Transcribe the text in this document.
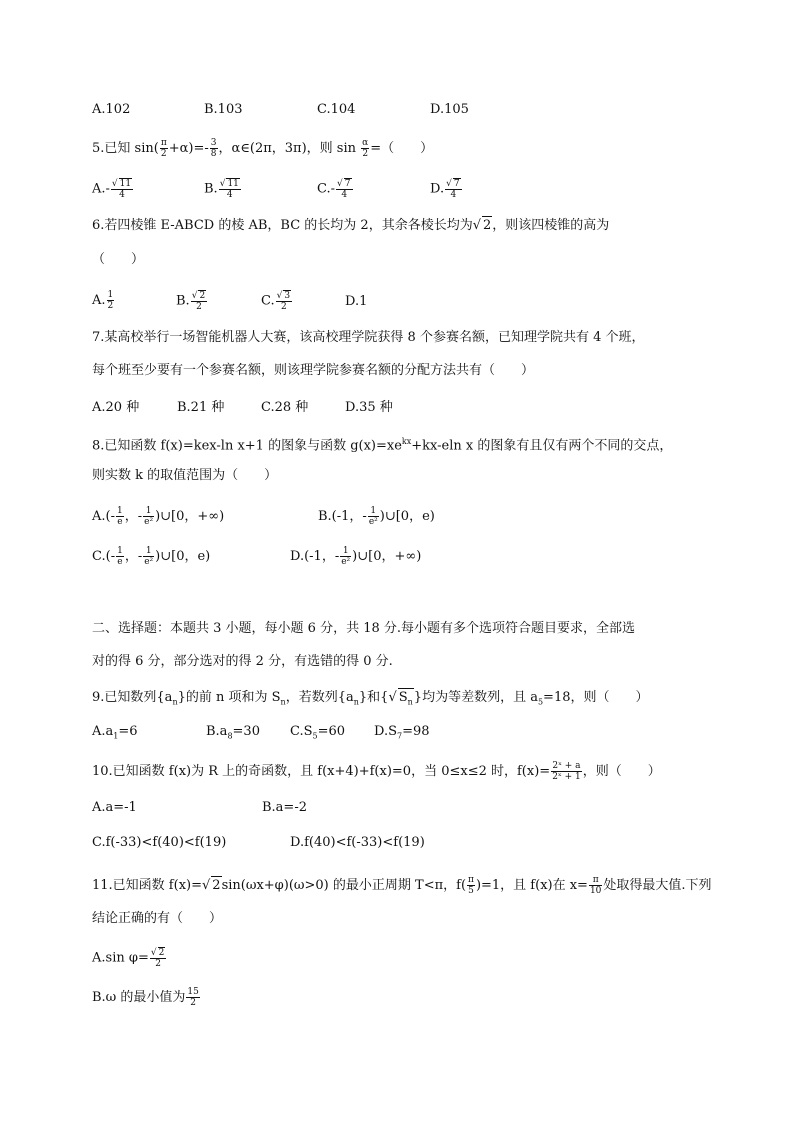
A.102	B.103	C.104	D.105
5.已知 $\sin( \frac{\pi}{2} +\alpha)=- \frac{3}{8}$ ，α∈(2π，3π)，则 $\sin \frac{\alpha}{2}$ =（　　）
$A.- \frac{√ 11}{4}$	B. $\frac{√ 11}{4}$	$C.- \frac{√ 7}{4}$	D. $\frac{√ 7}{4}$
6.若四棱锥 E-ABCD 的棱 AB，BC 的长均为 2，其余各棱长均为√ 2，则该四棱锥的高为
（　　）
A. $\frac{1}{2}$	B. $\frac{√ 2}{2}$	C. $\frac{√ 3}{2}$	D.1
7.某高校举行一场智能机器人大赛，该高校理学院获得 8 个参赛名额，已知理学院共有 4 个班，
每个班至少要有一个参赛名额，则该理学院参赛名额的分配方法共有（　　）
A.20 种	B.21 种	C.28 种	D.35 种
8.已知函数 f(x)=kex-ln x+1 的图象与函数 $g(x)=xe^{kx}+kx$-eln x 的图象有且仅有两个不同的交点，
则实数 k 的取值范围为（　　）
$A.(- \frac{1}{e}$ ，- $\frac{1}{\text{e²}}$ )∪[0，+∞)	B.(-1，- $\frac{1}{\text{e²}}$ )∪[0，e)
$C.(- \frac{1}{e}$ ，- $\frac{1}{\text{e²}}$ )∪[0，e)	D.(-1，- $\frac{1}{\text{e²}}$ )∪[0，+∞)
二、选择题：本题共 3 小题，每小题 6 分，共 18 分.每小题有多个选项符合题目要求，全部选
对的得 6 分，部分选对的得 2 分，有选错的得 0 分.
9.已知数列$\{a_n\}$的前 n 项和为 $S_n$，若数列$\{a_n\}$和{√ $S_n$}均为等差数列，且 $a_5=18$，则（　　）
$A.a_1=6$	$B.a_8=30$ $C.S_5=60$ $D.S_7=98$
10.已知函数 f(x)为 R 上的奇函数，且 f(x+4)+f(x)=0，当 0≤x≤2 时，$f(x)= \frac{\text{2ˣ + a}}{\text{2ˣ + 1}}$ ，则（　　）
A.a=-1	B.a=-2
C.f(-33)<f(40)<f(19)	D.f(40)<f(-33)<f(19)
11.已知函数 f(x)=√ 2sin(ωx+φ)(ω>0) 的最小正周期 T<π，$f( \frac{\pi}{5} )=1$，且 f(x)在 $x= \frac{\pi}{10}$ 处取得最大值.下列
结论正确的有（　　）
A.sin $\varphi= \frac{√ 2}{2}$
B.ω 的最小值为 $\frac{15}{2}$
